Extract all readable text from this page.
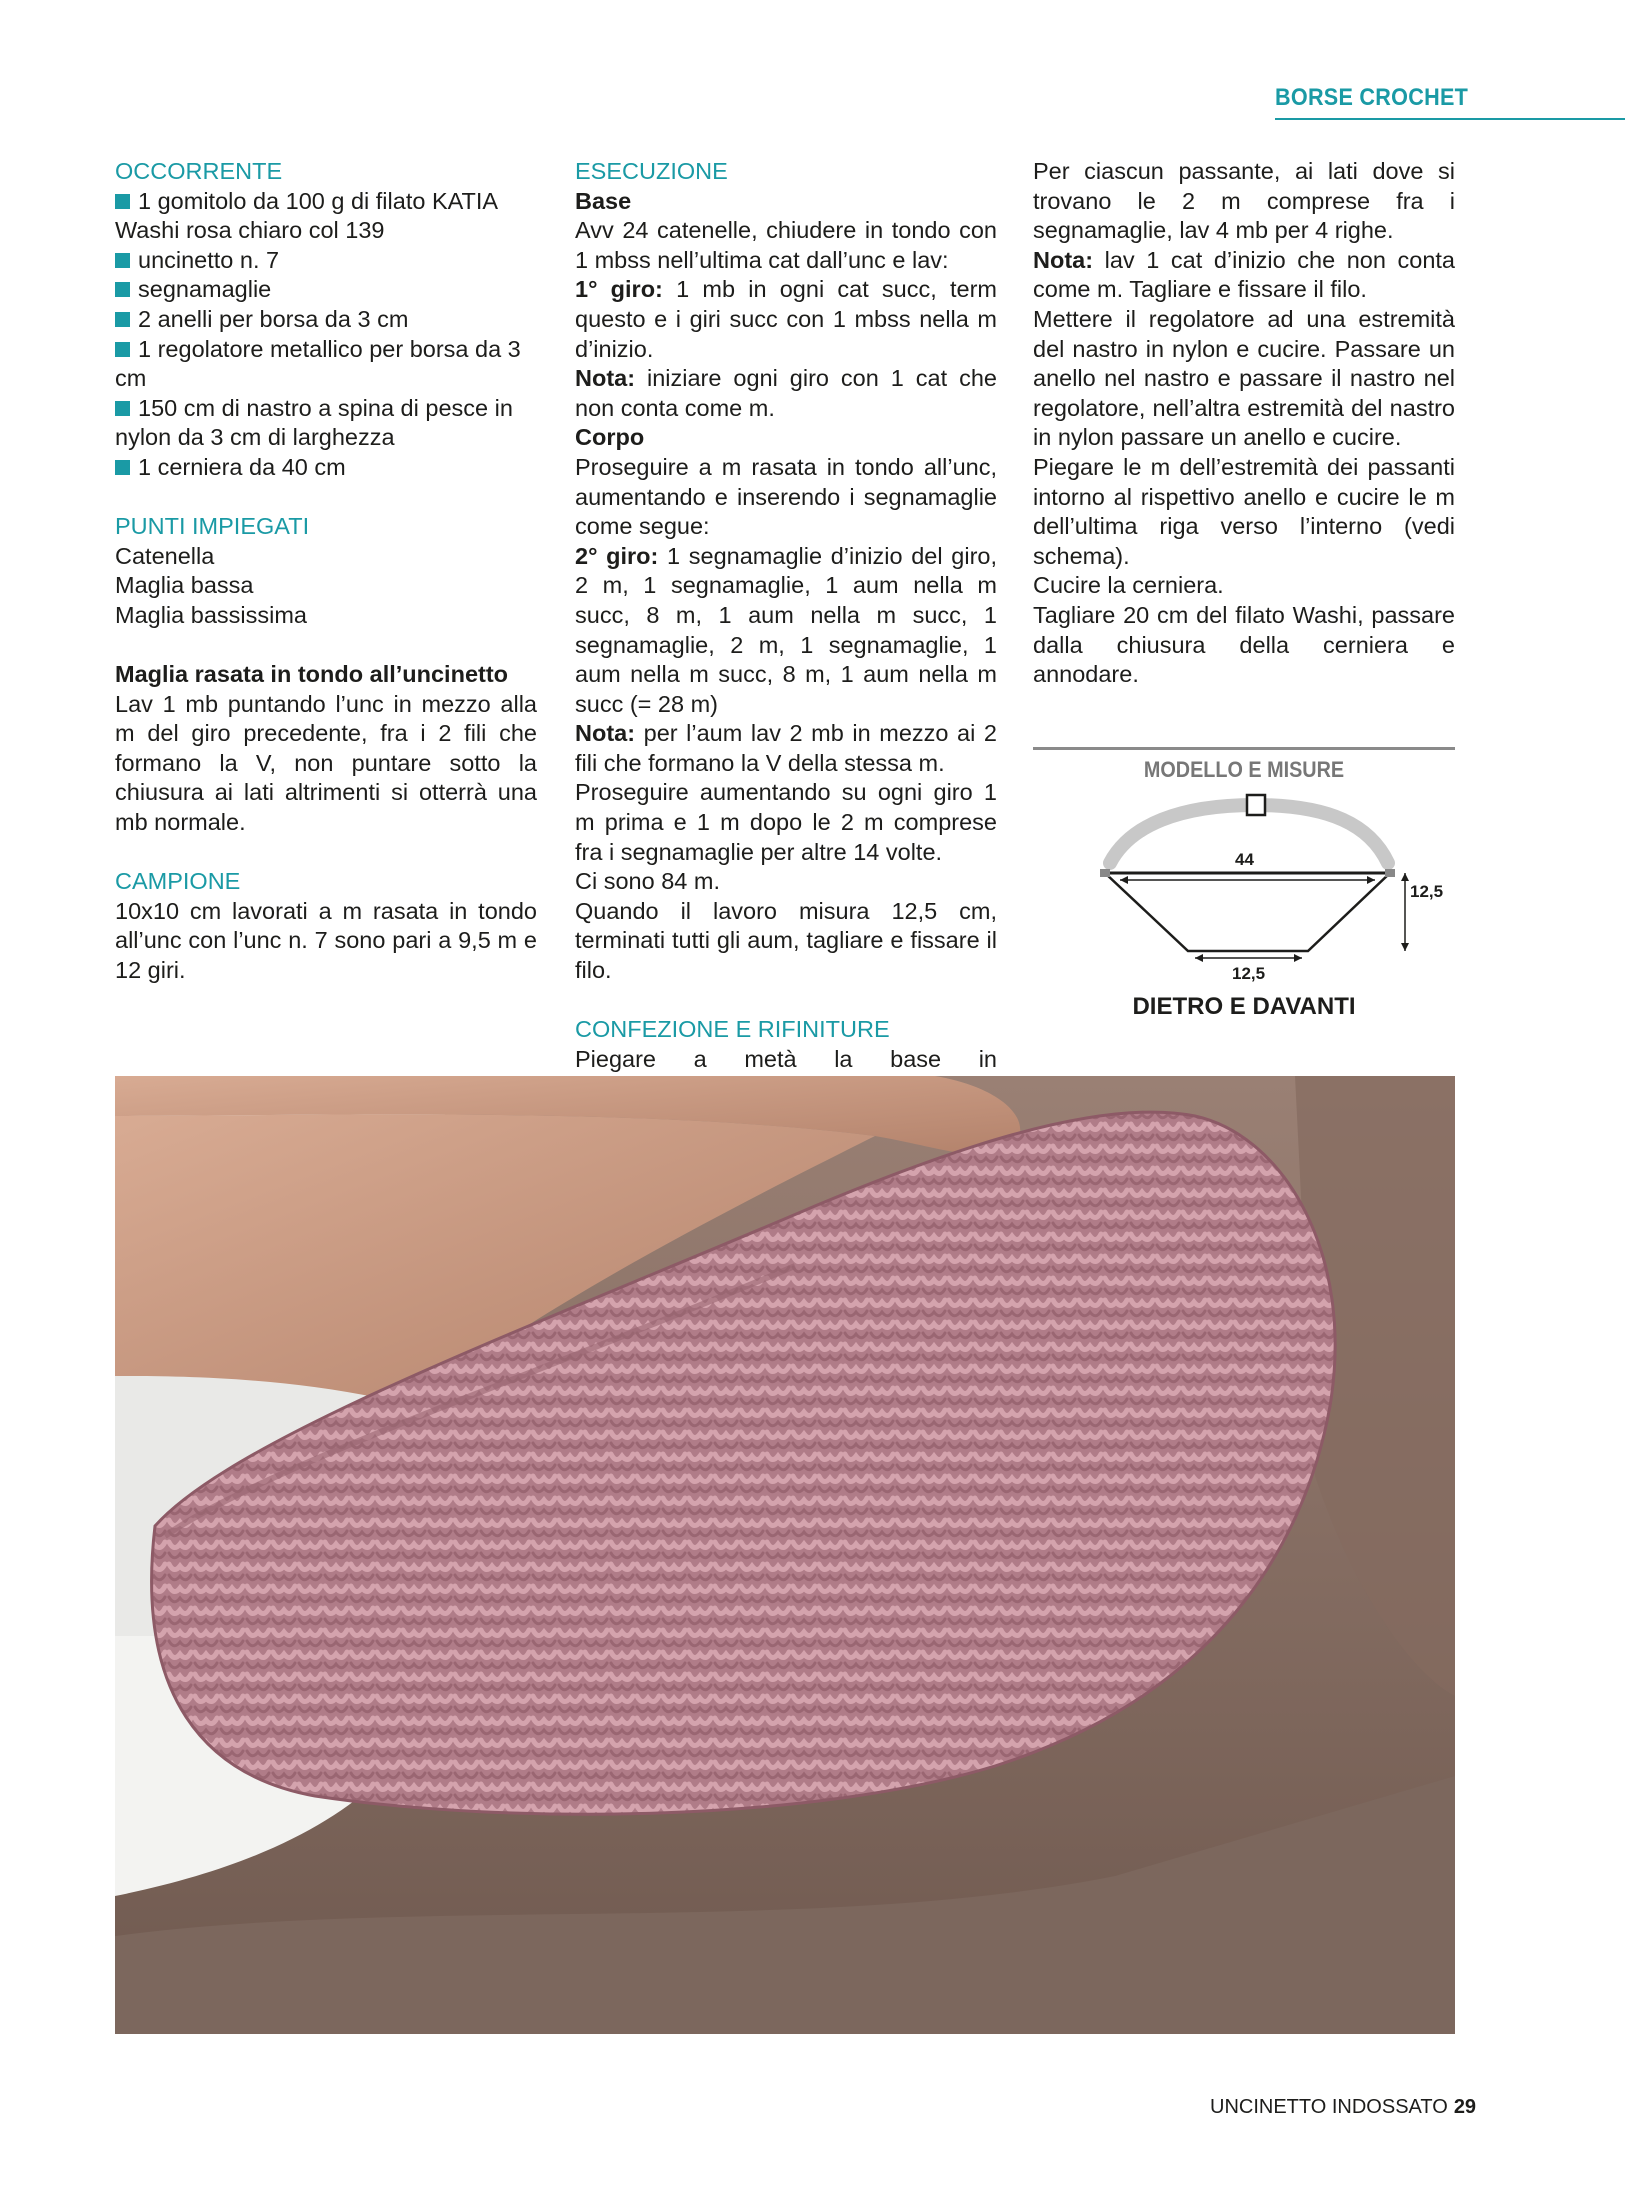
BORSE CROCHET
OCCORRENTE
1 gomitolo da 100 g di filato KATIA Washi rosa chiaro col 139
uncinetto n. 7
segnamaglie
2 anelli per borsa da 3 cm
1 regolatore metallico per borsa da 3 cm
150 cm di nastro a spina di pesce in nylon da 3 cm di larghezza
1 cerniera da 40 cm
PUNTI IMPIEGATI
Catenella
Maglia bassa
Maglia bassissima
Maglia rasata in tondo all’uncinetto

Lav 1 mb puntando l’unc in mezzo alla m del giro precedente, fra i 2 fili che formano la V, non puntare sotto la chiusura ai lati altrimenti si otterrà una mb normale.

CAMPIONE

10x10 cm lavorati a m rasata in tondo all’unc con l’unc n. 7 sono pari a 9,5 m e 12 giri.

ESECUZIONE
Base

Avv 24 catenelle, chiudere in tondo con 1 mbss nell’ultima cat dall’unc e lav:

1° giro: 1 mb in ogni cat succ, term questo e i giri succ con 1 mbss nella m d’inizio.

Nota: iniziare ogni giro con 1 cat che non conta come m.

Corpo

Proseguire a m rasata in tondo all’unc, aumentando e inserendo i segnamaglie come segue:

2° giro: 1 segnamaglie d’inizio del giro, 2 m, 1 segnamaglie, 1 aum nella m succ, 8 m, 1 aum nella m succ, 1 segnamaglie, 2 m, 1 segnamaglie, 1 aum nella m succ, 8 m, 1 aum nella m succ (= 28 m)

Nota: per l’aum lav 2 mb in mezzo ai 2 fili che formano la V della stessa m.

Proseguire aumentando su ogni giro 1 m prima e 1 m dopo le 2 m comprese fra i segnamaglie per altre 14 volte.

Ci sono 84 m.

Quando il lavoro misura 12,5 cm, terminati tutti gli aum, tagliare e fissare il filo.

CONFEZIONE E RIFINITURE

Piegare a metà la base in

Per ciascun passante, ai lati dove si trovano le 2 m comprese fra i segnamaglie, lav 4 mb per 4 righe.

Nota: lav 1 cat d’inizio che non conta come m. Tagliare e fissare il filo.

Mettere il regolatore ad una estremità del nastro in nylon e cucire. Passare un anello nel nastro e passare il nastro nel regolatore, nell’altra estremità del nastro in nylon passare un anello e cucire.

Piegare le m dell’estremità dei passanti intorno al rispettivo anello e cucire le m dell’ultima riga verso l’interno (vedi schema).

Cucire la cerniera.

Tagliare 20 cm del filato Washi, passare dalla chiusura della cerniera e annodare.

MODELLO E MISURE
44
12,5
12,5
DIETRO E DAVANTI
UNCINETTO INDOSSATO 29
